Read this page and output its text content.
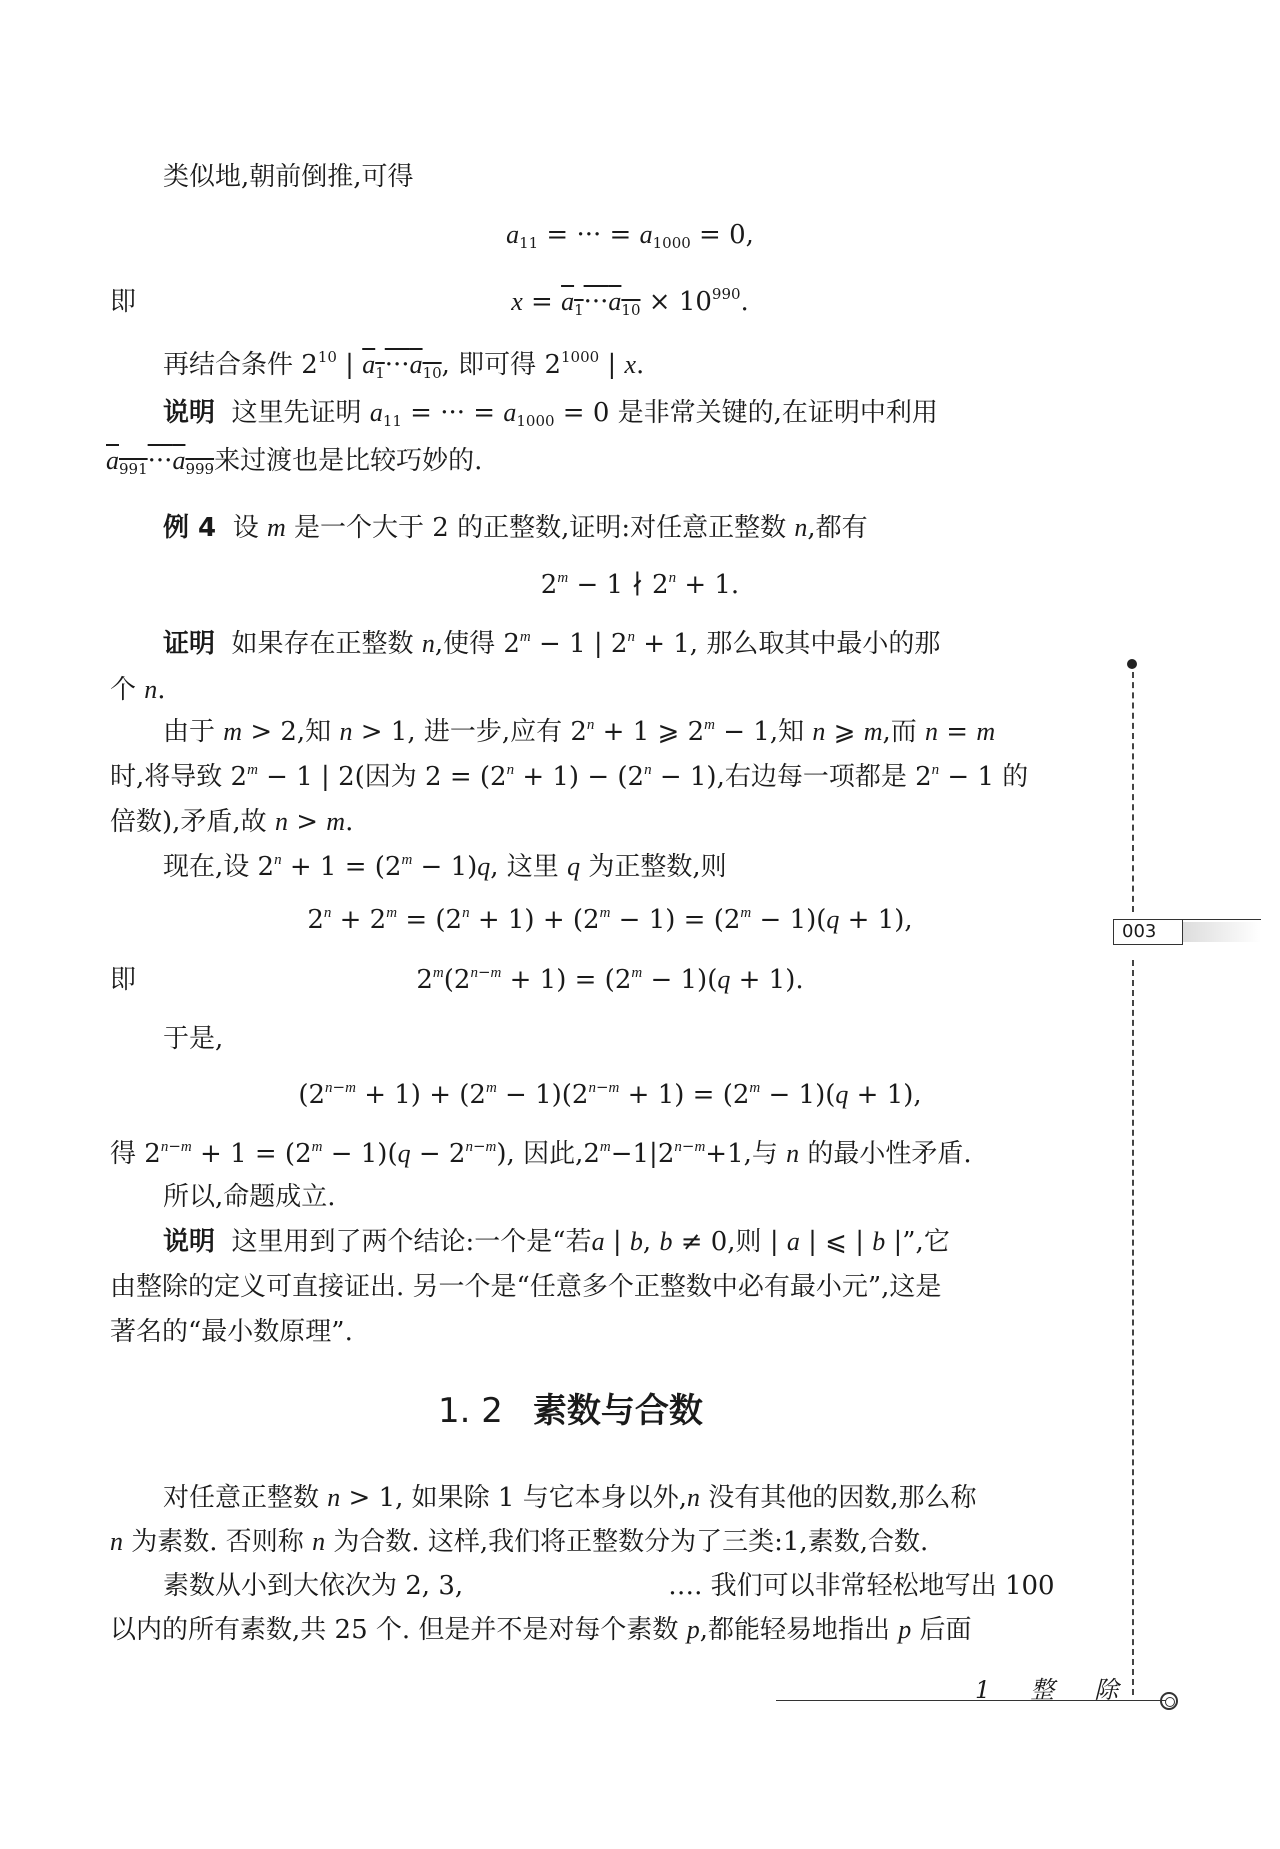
类似地,朝前倒推,可得
$a_{11}$ = ··· = $a_{1000} = 0$,
即	$x = a_1\cdot\cdot\cdot a_{10} \times 10^{990}$.
再结合条件 $2^{10}$ | $a_1\cdot\cdot\cdot a_{10}$, 即可得 $2^{1000}$ | x.
说明 这里先证明 $a_{11}$ = ··· = $a_{1000} = 0$ 是非常关键的,在证明中利用
$a_{991}\cdot\cdot\cdot a_{999}$来过渡也是比较巧妙的.
例 4 设 m 是一个大于 2 的正整数,证明:对任意正整数 n,都有
$2^m - 1$ ∤ $2^n + 1$.
证明 如果存在正整数 n,使得 $2^m - 1$ | $2^n + 1$, 那么取其中最小的那
个 n.
由于 m > 2,知 n > 1, 进一步,应有 $2^n + 1$ ⩾ $2^m - 1$,知 n ⩾ m,而 n = m
时,将导致 $2^m - 1$ | 2(因为 $2 = (2^n + 1) - (2^n - 1)$,右边每一项都是 $2^n - 1$ 的
倍数),矛盾,故 n > m.
现在,设 $2^n + 1 = (2^m - 1)q$, 这里 q 为正整数,则
$2^n + 2^m = (2^n + 1) + (2^m - 1) = (2^m - 1)(q + 1)$,
即	$2^m(2^{n-m} + 1) = (2^m - 1)(q + 1)$.
于是,
$(2^{n-m} + 1) + (2^m - 1)(2^{n-m} + 1) = (2^m - 1)(q + 1)$,
得 $2^{n-m} + 1 = (2^m - 1)(q - 2^{n-m})$, 因此$,2^m-1|2^{n-m}+1$,与 n 的最小性矛盾.
所以,命题成立.
说明 这里用到了两个结论:一个是“若a | b, b ≠ 0,则 | a | ⩽ | b |”,它
由整除的定义可直接证出. 另一个是“任意多个正整数中必有最小元”,这是
著名的“最小数原理”.
1. 2 素数与合数
对任意正整数 n > 1, 如果除 1 与它本身以外,n 没有其他的因数,那么称
n 为素数. 否则称 n 为合数. 这样,我们将正整数分为了三类:1,素数,合数.
素数从小到大依次为 2, 3,	…. 我们可以非常轻松地写出 100
以内的所有素数,共 25 个. 但是并不是对每个素数 p,都能轻易地指出 p 后面
003
1 整 除
